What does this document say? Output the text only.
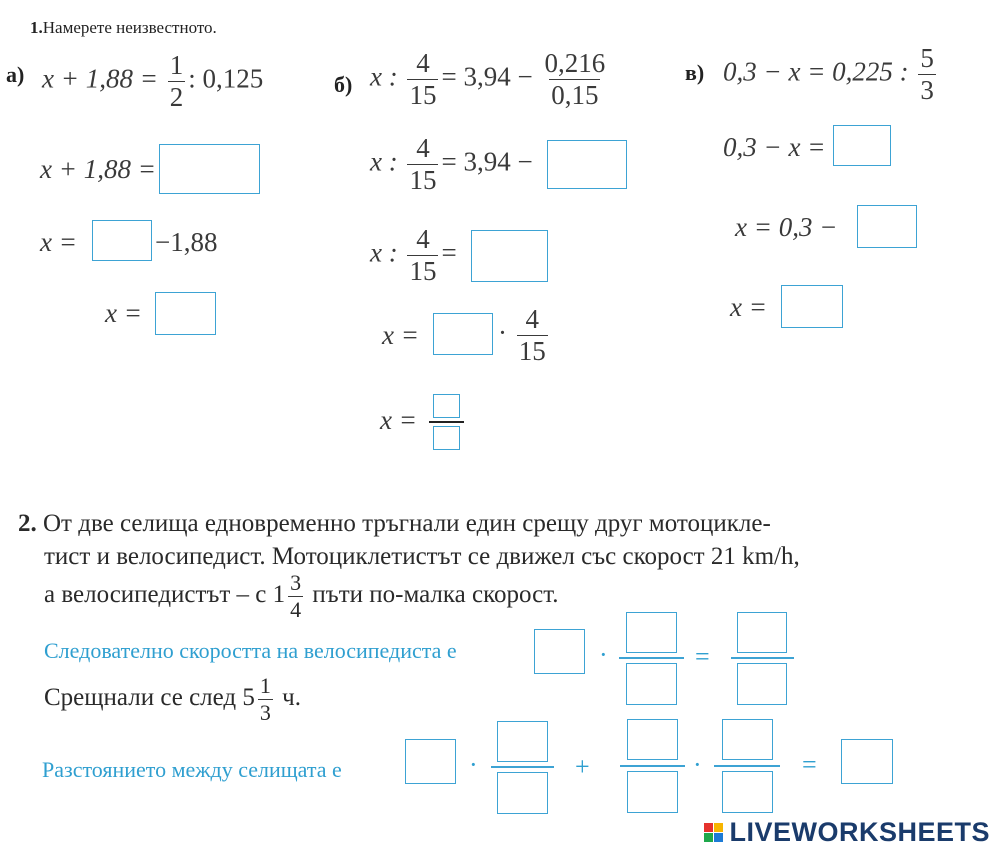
1.Намерете неизвестното.
а) $x + 1,88 = \frac{1}{2}$ : 0,125
x + 1,88 =
x =	−1,88
x =
б) x : $\frac{4}{15} = 3,94 - \frac{0,216}{0,15}$
x : $\frac{4}{15} = 3,94$ −
x : $\frac{4}{15}$ =
x =	· $\frac{4}{15}$
x =
в) 0,3 − x = 0,225 : $\frac{5}{3}$
0,3 − x =
x = 0,3 −
x =
2. От две селища едновременно тръгнали един срещу друг мотоцикле-
тист и велосипедист. Мотоциклетистът се движел със скорост 21 km/h,
а велосипедистът – с $1 \frac{3}{4}$ пъти по-малка скорост.
Следователно скоростта на велосипедиста е	·	=
Срещнали се след $5 \frac{1}{3} ч$.
Разстоянието между селищата е	·	+	·	=
LIVEWORKSHEETS
